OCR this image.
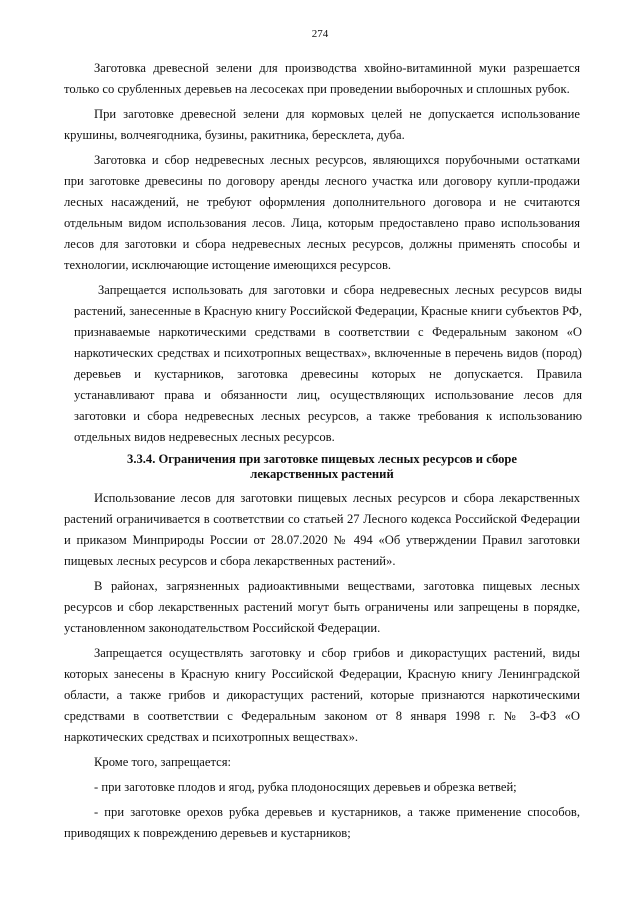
274

Заготовка древесной зелени для производства хвойно-витаминной муки разрешается только со срубленных деревьев на лесосеках при проведении выборочных и сплошных рубок.

При заготовке древесной зелени для кормовых целей не допускается использование крушины, волчеягодника, бузины, ракитника, бересклета, дуба.

Заготовка и сбор недревесных лесных ресурсов, являющихся порубочными остатками при заготовке древесины по договору аренды лесного участка или договору купли-продажи лесных насаждений, не требуют оформления дополнительного договора и не считаются отдельным видом использования лесов. Лица, которым предоставлено право использования лесов для заготовки и сбора недревесных лесных ресурсов, должны применять способы и технологии, исключающие истощение имеющихся ресурсов.

Запрещается использовать для заготовки и сбора недревесных лесных ресурсов виды растений, занесенные в Красную книгу Российской Федерации, Красные книги субъектов РФ, признаваемые наркотическими средствами в соответствии с Федеральным законом «О наркотических средствах и психотропных веществах», включенные в перечень видов (пород) деревьев и кустарников, заготовка древесины которых не допускается. Правила устанавливают права и обязанности лиц, осуществляющих использование лесов для заготовки и сбора недревесных лесных ресурсов, а также требования к использованию отдельных видов недревесных лесных ресурсов.

3.3.4. Ограничения при заготовке пищевых лесных ресурсов и сборе
лекарственных растений

Использование лесов для заготовки пищевых лесных ресурсов и сбора лекарственных растений ограничивается в соответствии со статьей 27 Лесного кодекса Российской Федерации и приказом Минприроды России от 28.07.2020 № 494 «Об утверждении Правил заготовки пищевых лесных ресурсов и сбора лекарственных растений».

В районах, загрязненных радиоактивными веществами, заготовка пищевых лесных ресурсов и сбор лекарственных растений могут быть ограничены или запрещены в порядке, установленном законодательством Российской Федерации.

Запрещается осуществлять заготовку и сбор грибов и дикорастущих растений, виды которых занесены в Красную книгу Российской Федерации, Красную книгу Ленинградской области, а также грибов и дикорастущих растений, которые признаются наркотическими средствами в соответствии с Федеральным законом от 8 января 1998 г. № 3-ФЗ «О наркотических средствах и психотропных веществах».

Кроме того, запрещается:

- при заготовке плодов и ягод, рубка плодоносящих деревьев и обрезка ветвей;

- при заготовке орехов рубка деревьев и кустарников, а также применение способов, приводящих к повреждению деревьев и кустарников;
